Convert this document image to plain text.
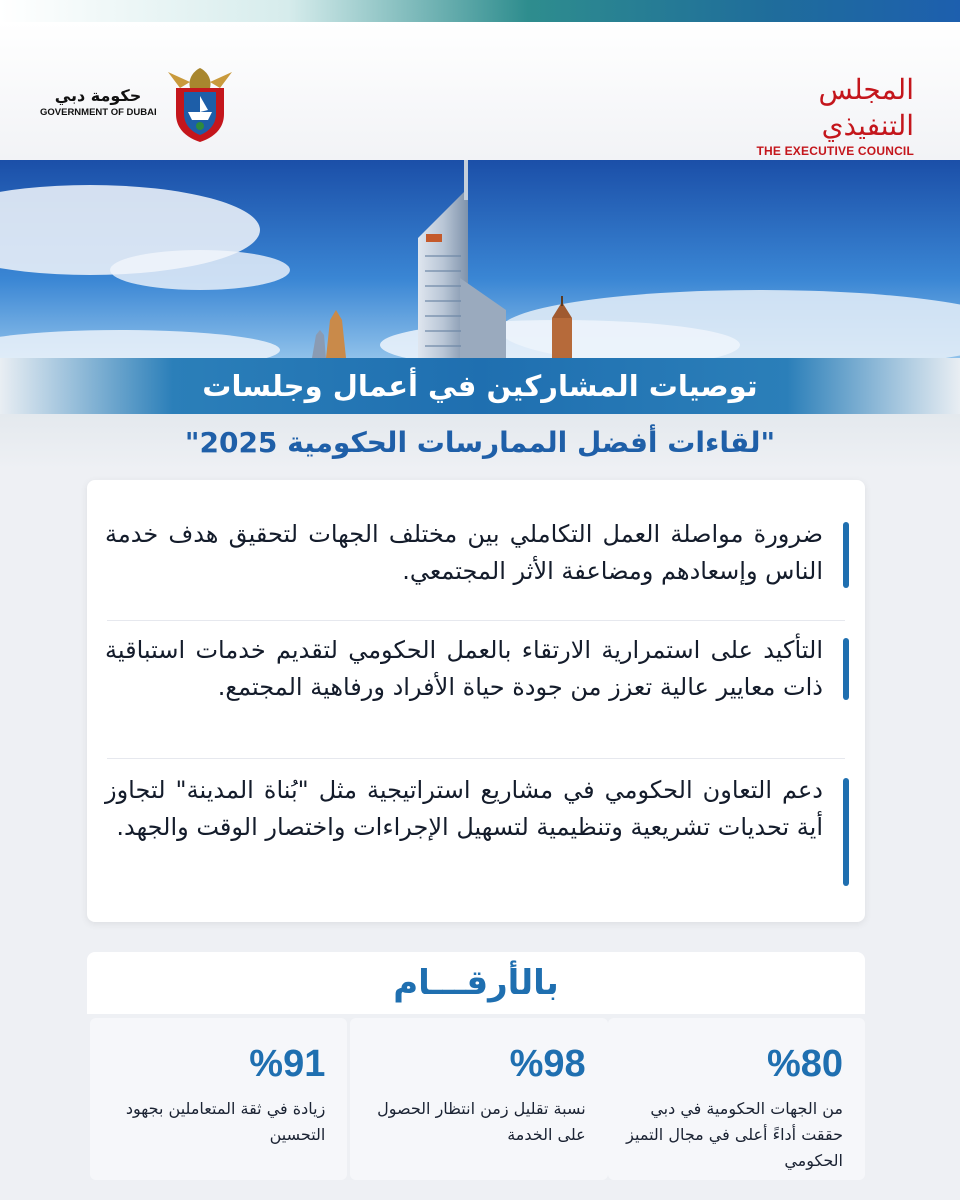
حكومة دبي
GOVERNMENT OF DUBAI
المجلس التنفيذي
THE EXECUTIVE COUNCIL
توصيات المشاركين في أعمال وجلسات
"لقاءات أفضل الممارسات الحكومية 2025"
ضرورة مواصلة العمل التكاملي بين مختلف الجهات لتحقيق هدف خدمة الناس وإسعادهم ومضاعفة الأثر المجتمعي.
التأكيد على استمرارية الارتقاء بالعمل الحكومي لتقديم خدمات استباقية ذات معايير عالية تعزز من جودة حياة الأفراد ورفاهية المجتمع.
دعم التعاون الحكومي في مشاريع استراتيجية مثل "بُناة المدينة" لتجاوز أية تحديات تشريعية وتنظيمية لتسهيل الإجراءات واختصار الوقت والجهد.
بالأرقـــام
%80
من الجهات الحكومية في دبي حققت أداءً أعلى في مجال التميز الحكومي
%98
نسبة تقليل زمن انتظار الحصول على الخدمة
%91
زيادة في ثقة المتعاملين بجهود التحسين
